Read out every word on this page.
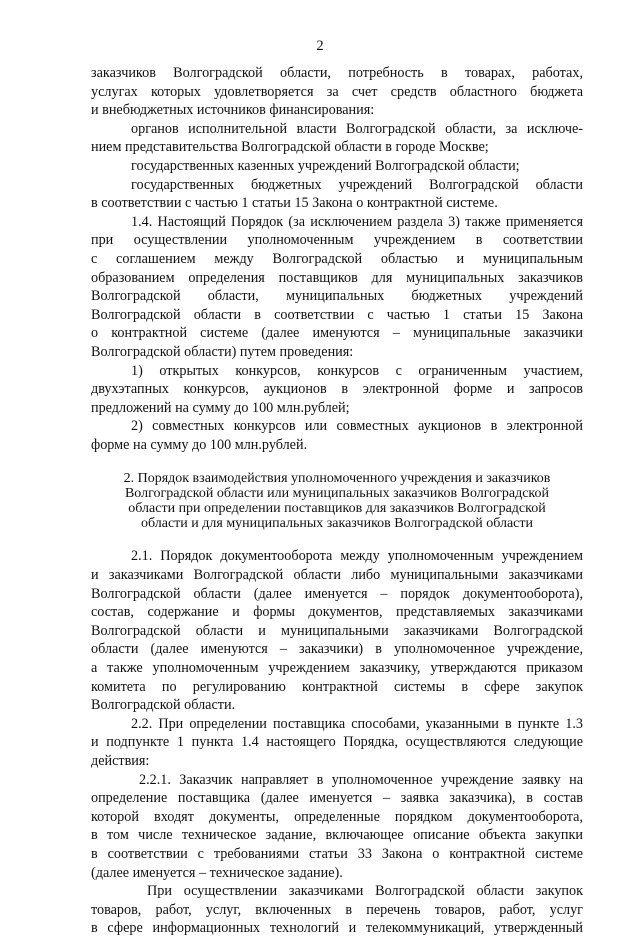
2
заказчиков Волгоградской области, потребность в товарах, работах,
услугах которых удовлетворяется за счет средств областного бюджета
и внебюджетных источников финансирования:
органов исполнительной власти Волгоградской области, за исключе-
нием представительства Волгоградской области в городе Москве;
государственных казенных учреждений Волгоградской области;
государственных бюджетных учреждений Волгоградской области
в соответствии с частью 1 статьи 15 Закона о контрактной системе.
1.4. Настоящий Порядок (за исключением раздела 3) также применяется
при осуществлении уполномоченным учреждением в соответствии
с соглашением между Волгоградской областью и муниципальным
образованием определения поставщиков для муниципальных заказчиков
Волгоградской области, муниципальных бюджетных учреждений
Волгоградской области в соответствии с частью 1 статьи 15 Закона
о контрактной системе (далее именуются – муниципальные заказчики
Волгоградской области) путем проведения:
1) открытых конкурсов, конкурсов с ограниченным участием,
двухэтапных конкурсов, аукционов в электронной форме и запросов
предложений на сумму до 100 млн.рублей;
2) совместных конкурсов или совместных аукционов в электронной
форме на сумму до 100 млн.рублей.
2. Порядок взаимодействия уполномоченного учреждения и заказчиков
Волгоградской области или муниципальных заказчиков Волгоградской
области при определении поставщиков для заказчиков Волгоградской
области и для муниципальных заказчиков Волгоградской области
2.1. Порядок документооборота между уполномоченным учреждением
и заказчиками Волгоградской области либо муниципальными заказчиками
Волгоградской области (далее именуется – порядок документооборота),
состав, содержание и формы документов, представляемых заказчиками
Волгоградской области и муниципальными заказчиками Волгоградской
области (далее именуются – заказчики) в уполномоченное учреждение,
а также уполномоченным учреждением заказчику, утверждаются приказом
комитета по регулированию контрактной системы в сфере закупок
Волгоградской области.
2.2. При определении поставщика способами, указанными в пункте 1.3
и подпункте 1 пункта 1.4 настоящего Порядка, осуществляются следующие
действия:
2.2.1. Заказчик направляет в уполномоченное учреждение заявку на
определение поставщика (далее именуется – заявка заказчика), в состав
которой входят документы, определенные порядком документооборота,
в том числе техническое задание, включающее описание объекта закупки
в соответствии с требованиями статьи 33 Закона о контрактной системе
(далее именуется – техническое задание).
При осуществлении заказчиками Волгоградской области закупок
товаров, работ, услуг, включенных в перечень товаров, работ, услуг
в сфере информационных технологий и телекоммуникаций, утвержденный
